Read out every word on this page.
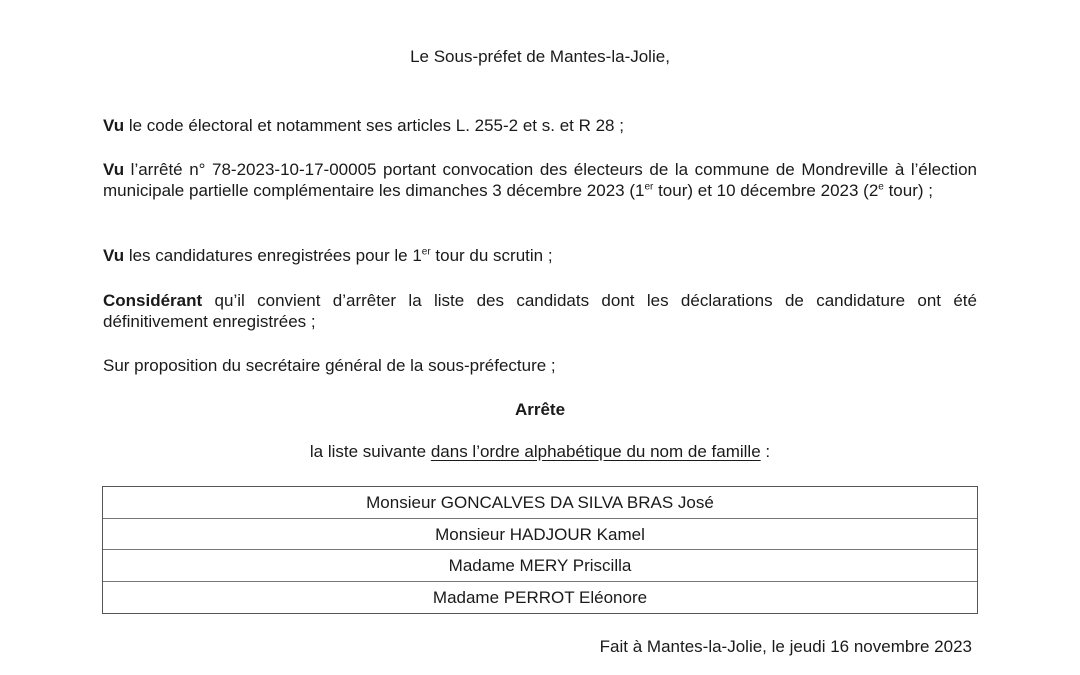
Le Sous-préfet de Mantes-la-Jolie,
Vu le code électoral et notamment ses articles L. 255-2 et s. et R 28 ;
Vu l’arrêté n° 78-2023-10-17-00005 portant convocation des électeurs de la commune de Mondreville à l’élection municipale partielle complémentaire les dimanches 3 décembre 2023 (1er tour) et 10 décembre 2023 (2e tour) ;
Vu les candidatures enregistrées pour le 1er tour du scrutin ;
Considérant qu’il convient d’arrêter la liste des candidats dont les déclarations de candidature ont été définitivement enregistrées ;
Sur proposition du secrétaire général de la sous-préfecture ;
Arrête
la liste suivante dans l’ordre alphabétique du nom de famille :
Monsieur GONCALVES DA SILVA BRAS José
Monsieur HADJOUR Kamel
Madame MERY Priscilla
Madame PERROT Eléonore
Fait à Mantes-la-Jolie, le jeudi 16 novembre 2023
